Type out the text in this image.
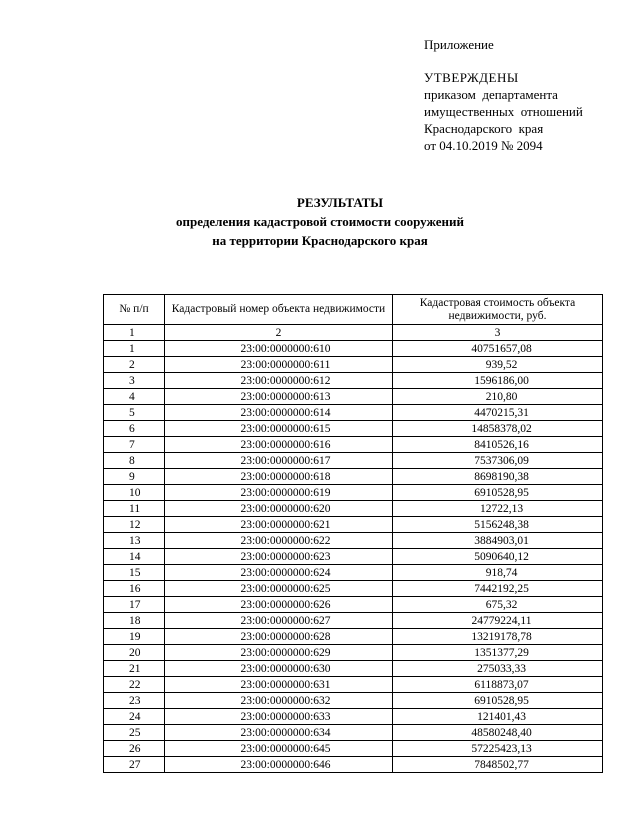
Приложение
УТВЕРЖДЕНЫ
приказом  департамента
имущественных  отношений
Краснодарского  края
от 04.10.2019 № 2094
РЕЗУЛЬТАТЫ
определения кадастровой стоимости сооружений
на территории Краснодарского края
№ п/п	Кадастровый номер объекта недвижимости	Кадастровая стоимость объекта недвижимости, руб.
1	2	3
1	23:00:0000000:610	40751657,08
2	23:00:0000000:611	939,52
3	23:00:0000000:612	1596186,00
4	23:00:0000000:613	210,80
5	23:00:0000000:614	4470215,31
6	23:00:0000000:615	14858378,02
7	23:00:0000000:616	8410526,16
8	23:00:0000000:617	7537306,09
9	23:00:0000000:618	8698190,38
10	23:00:0000000:619	6910528,95
11	23:00:0000000:620	12722,13
12	23:00:0000000:621	5156248,38
13	23:00:0000000:622	3884903,01
14	23:00:0000000:623	5090640,12
15	23:00:0000000:624	918,74
16	23:00:0000000:625	7442192,25
17	23:00:0000000:626	675,32
18	23:00:0000000:627	24779224,11
19	23:00:0000000:628	13219178,78
20	23:00:0000000:629	1351377,29
21	23:00:0000000:630	275033,33
22	23:00:0000000:631	6118873,07
23	23:00:0000000:632	6910528,95
24	23:00:0000000:633	121401,43
25	23:00:0000000:634	48580248,40
26	23:00:0000000:645	57225423,13
27	23:00:0000000:646	7848502,77
